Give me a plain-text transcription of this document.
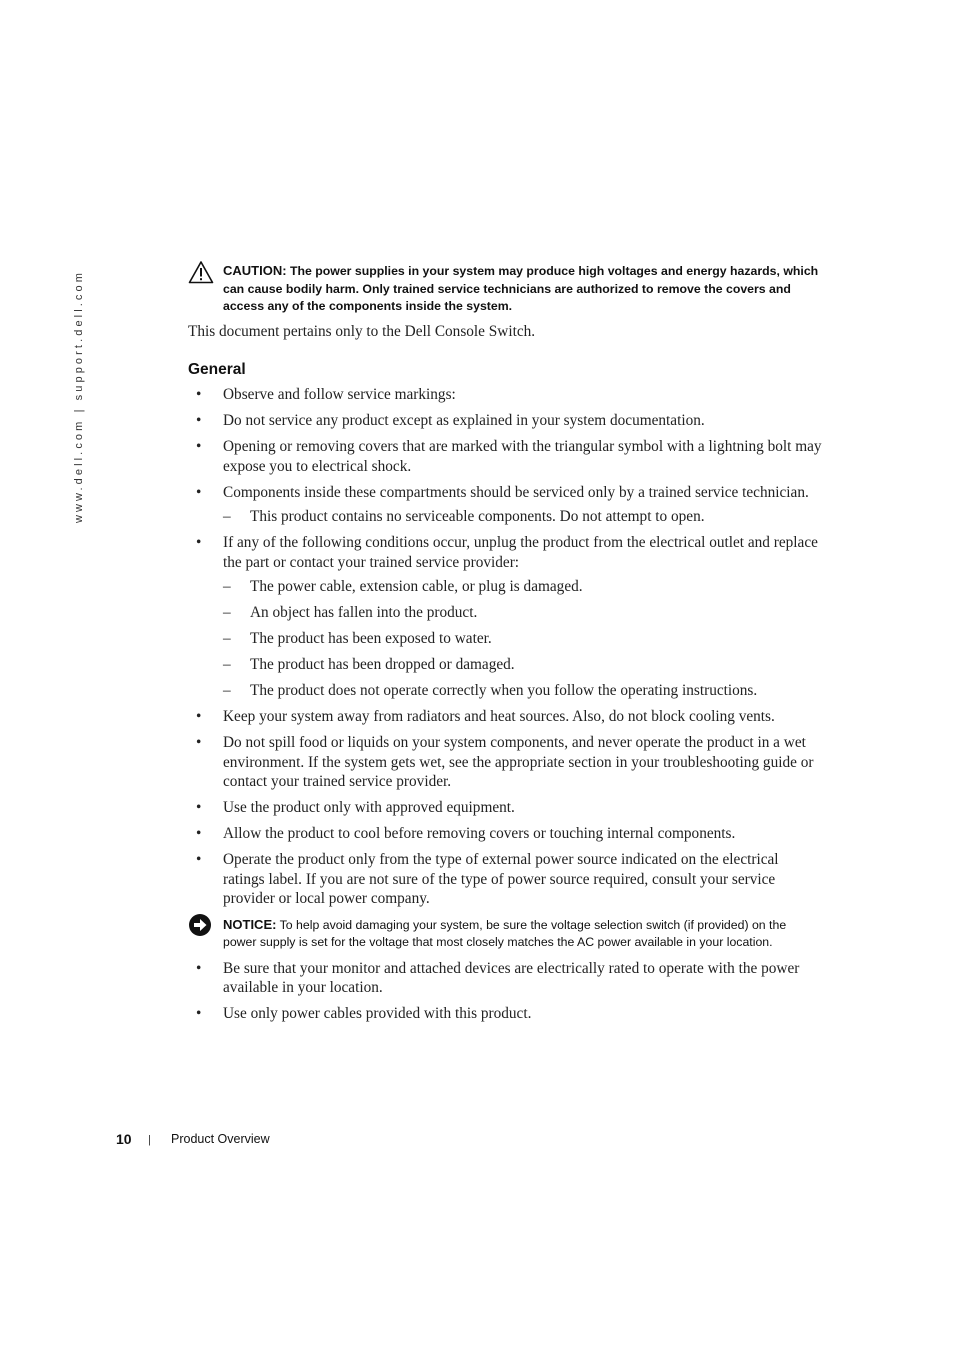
www.dell.com | support.dell.com	CAUTION: The power supplies in your system may produce high voltages and energy hazards, which can cause bodily harm. Only trained service technicians are authorized to remove the covers and access any of the components inside the system.

This document pertains only to the Dell Console Switch.

General
• Observe and follow service markings:
• Do not service any product except as explained in your system documentation.
• Opening or removing covers that are marked with the triangular symbol with a lightning bolt may expose you to electrical shock.
• Components inside these compartments should be serviced only by a trained service technician.
– This product contains no serviceable components. Do not attempt to open.
• If any of the following conditions occur, unplug the product from the electrical outlet and replace the part or contact your trained service provider:
– The power cable, extension cable, or plug is damaged.
– An object has fallen into the product.
– The product has been exposed to water.
– The product has been dropped or damaged.
– The product does not operate correctly when you follow the operating instructions.
• Keep your system away from radiators and heat sources. Also, do not block cooling vents.
• Do not spill food or liquids on your system components, and never operate the product in a wet environment. If the system gets wet, see the appropriate section in your troubleshooting guide or contact your trained service provider.
• Use the product only with approved equipment.
• Allow the product to cool before removing covers or touching internal components.
• Operate the product only from the type of external power source indicated on the electrical ratings label. If you are not sure of the type of power source required, consult your service provider or local power company.
NOTICE: To help avoid damaging your system, be sure the voltage selection switch (if provided) on the power supply is set for the voltage that most closely matches the AC power available in your location.
• Be sure that your monitor and attached devices are electrically rated to operate with the power available in your location.
• Use only power cables provided with this product.
10 | Product Overview
